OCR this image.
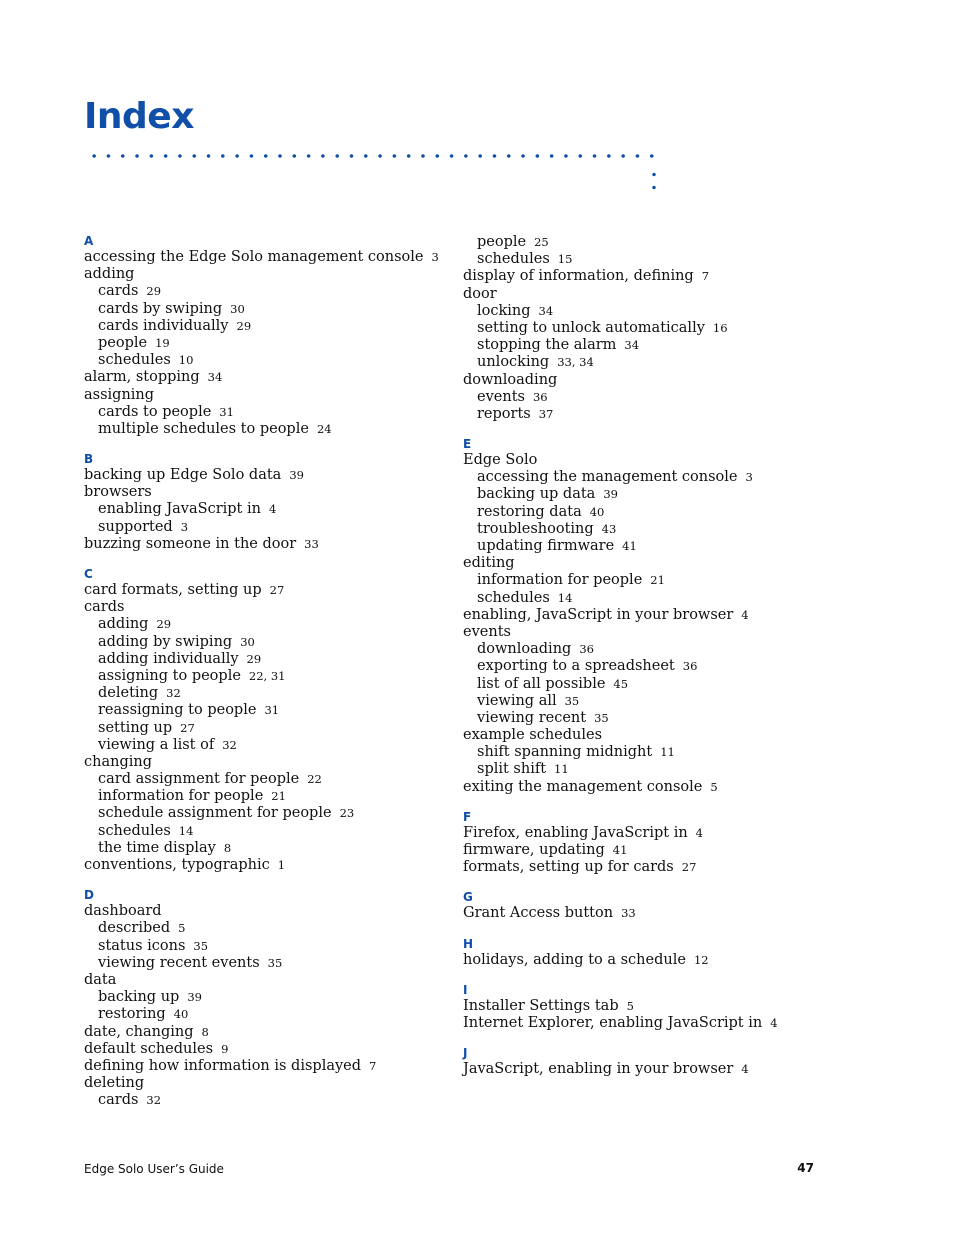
Index
A
accessing the Edge Solo management console 3
adding
cards 29
cards by swiping 30
cards individually 29
people 19
schedules 10
alarm, stopping 34
assigning
cards to people 31
multiple schedules to people 24
B
backing up Edge Solo data 39
browsers
enabling JavaScript in 4
supported 3
buzzing someone in the door 33
C
card formats, setting up 27
cards
adding 29
adding by swiping 30
adding individually 29
assigning to people 22, 31
deleting 32
reassigning to people 31
setting up 27
viewing a list of 32
changing
card assignment for people 22
information for people 21
schedule assignment for people 23
schedules 14
the time display 8
conventions, typographic 1
D
dashboard
described 5
status icons 35
viewing recent events 35
data
backing up 39
restoring 40
date, changing 8
default schedules 9
defining how information is displayed 7
deleting
cards 32
people 25
schedules 15
display of information, defining 7
door
locking 34
setting to unlock automatically 16
stopping the alarm 34
unlocking 33, 34
downloading
events 36
reports 37
E
Edge Solo
accessing the management console 3
backing up data 39
restoring data 40
troubleshooting 43
updating firmware 41
editing
information for people 21
schedules 14
enabling, JavaScript in your browser 4
events
downloading 36
exporting to a spreadsheet 36
list of all possible 45
viewing all 35
viewing recent 35
example schedules
shift spanning midnight 11
split shift 11
exiting the management console 5
F
Firefox, enabling JavaScript in 4
firmware, updating 41
formats, setting up for cards 27
G
Grant Access button 33
H
holidays, adding to a schedule 12
I
Installer Settings tab 5
Internet Explorer, enabling JavaScript in 4
J
JavaScript, enabling in your browser 4
Edge Solo User’s Guide	47
